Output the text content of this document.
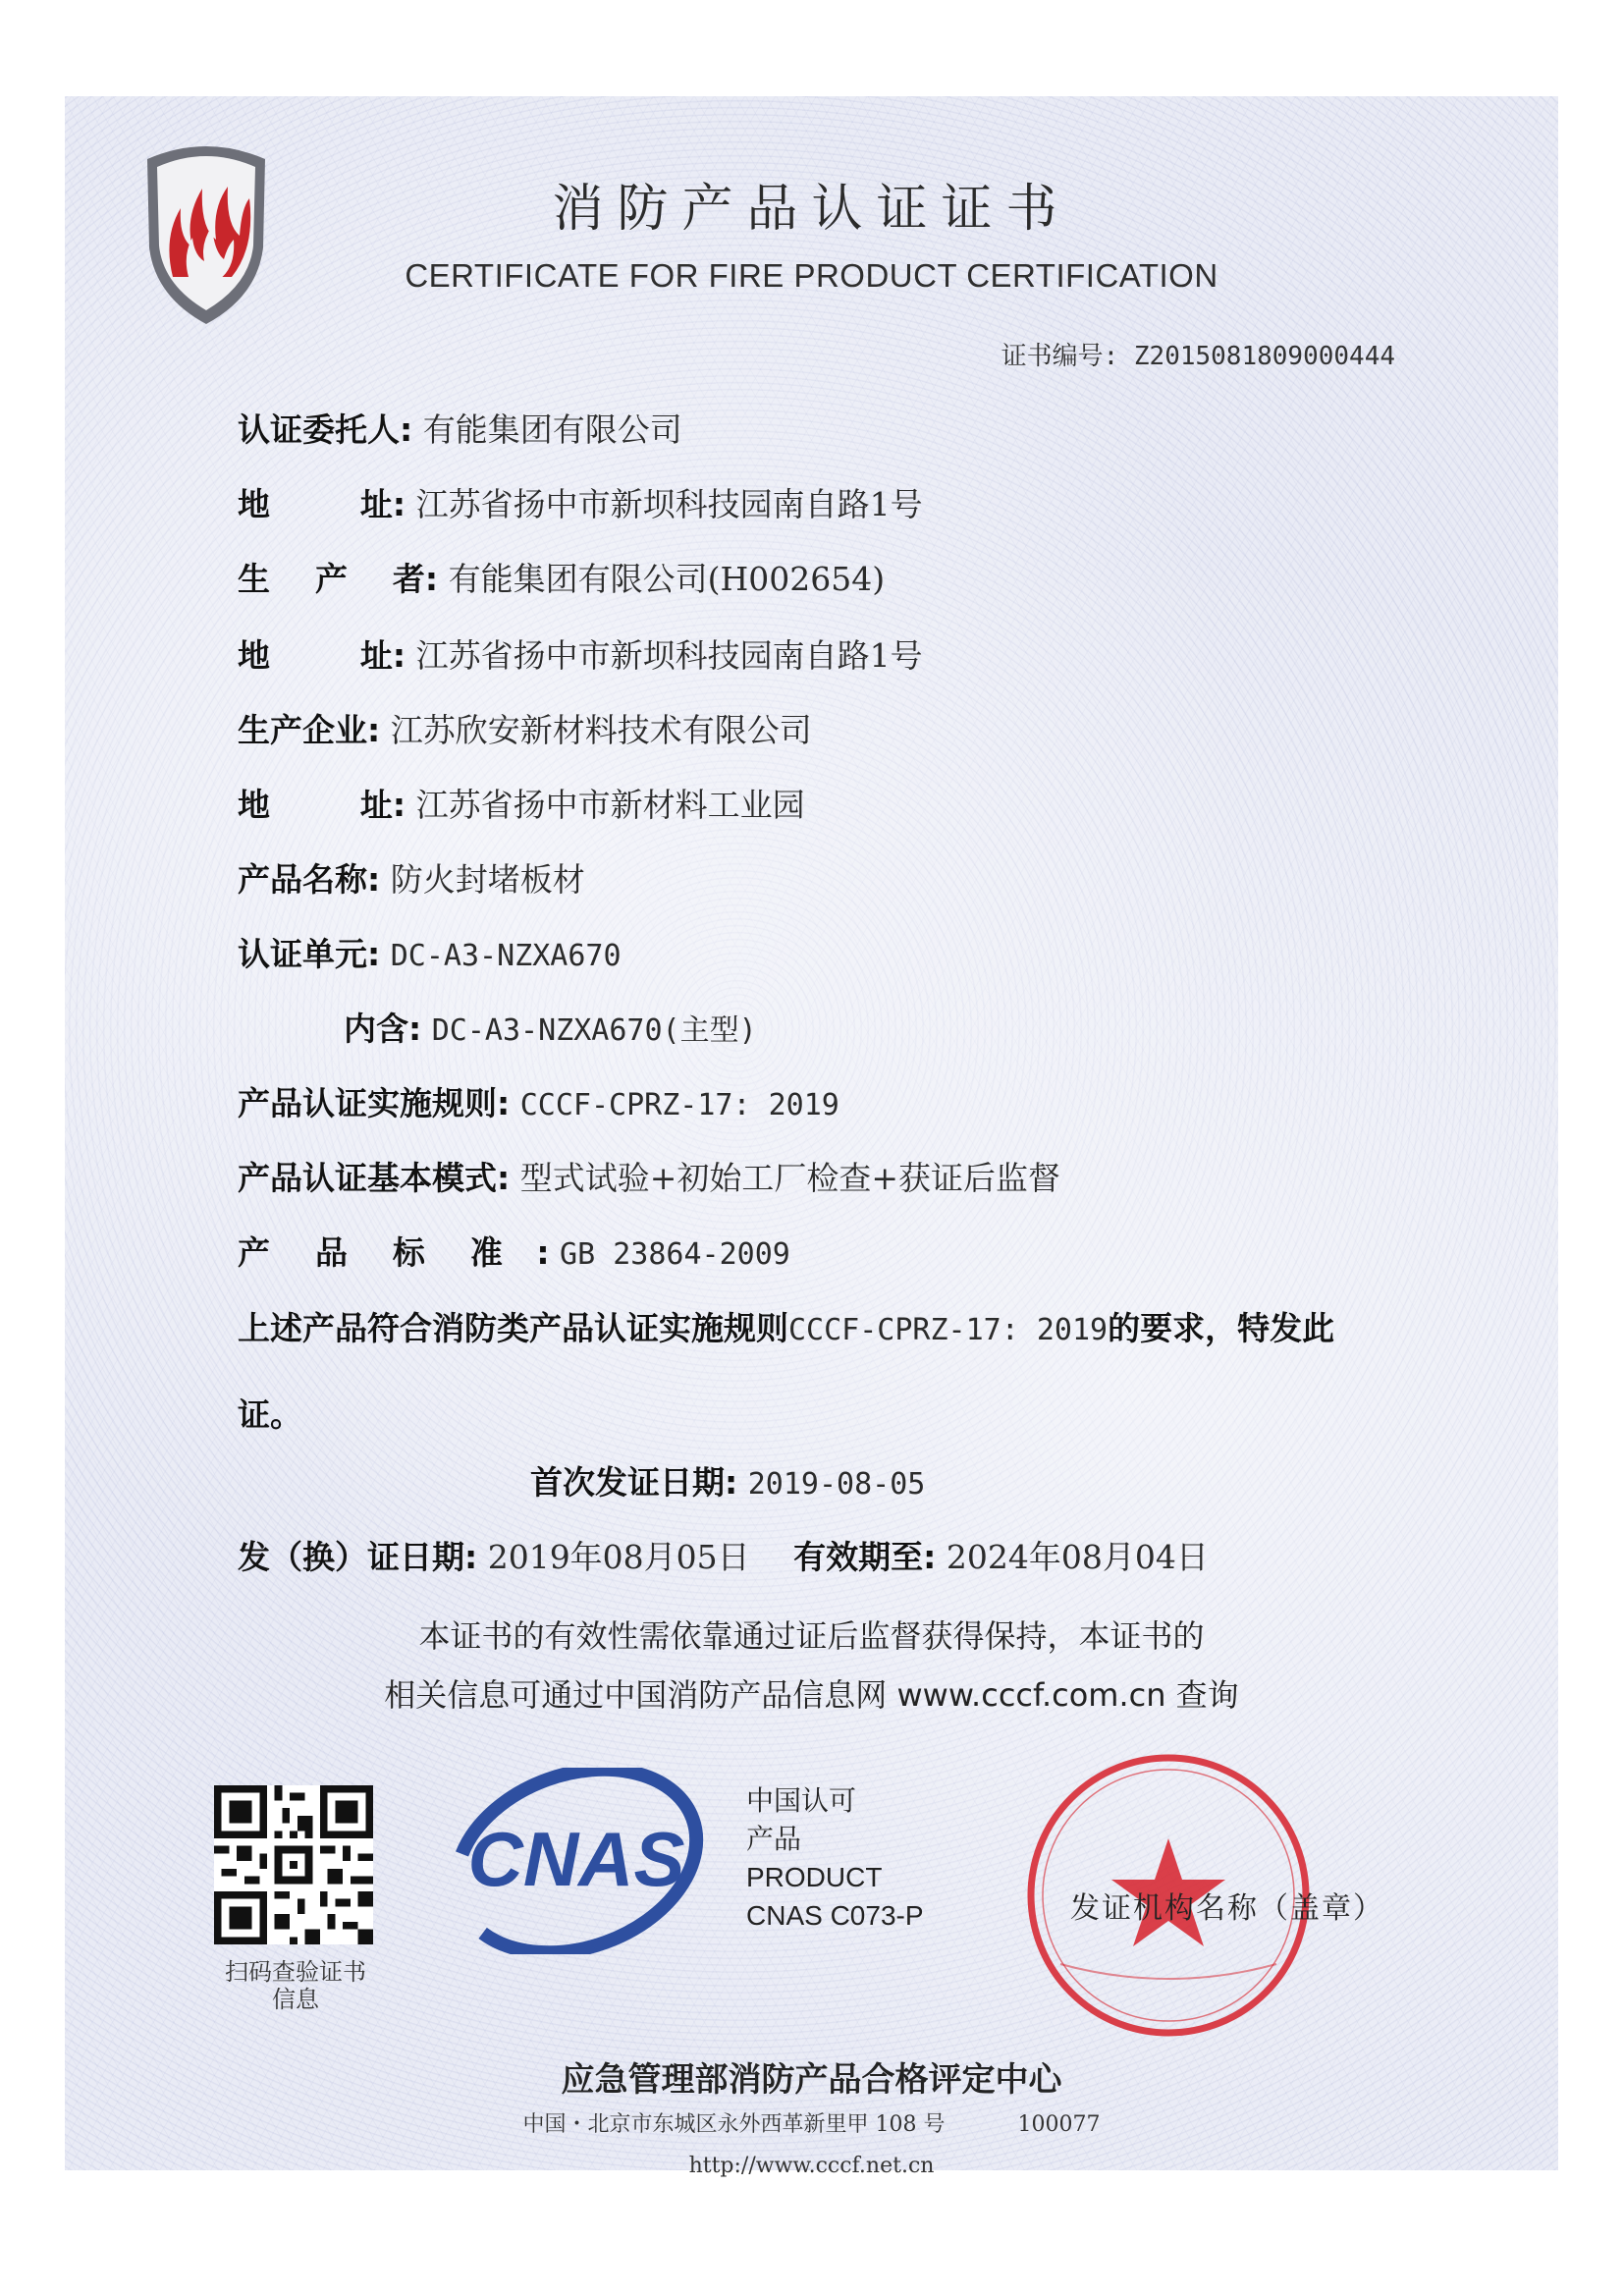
消防产品认证证书
CERTIFICATE FOR FIRE PRODUCT CERTIFICATION
证书编号: Z2015081809000444
认证委托人: 有能集团有限公司
地        址: 江苏省扬中市新坝科技园南自路1号
生    产    者: 有能集团有限公司(H002654)
地        址: 江苏省扬中市新坝科技园南自路1号
生产企业: 江苏欣安新材料技术有限公司
地        址: 江苏省扬中市新材料工业园
产品名称: 防火封堵板材
认证单元: DC-A3-NZXA670
内含: DC-A3-NZXA670(主型)
产品认证实施规则: CCCF-CPRZ-17: 2019
产品认证基本模式: 型式试验+初始工厂检查+获证后监督
产    品    标    准   : GB 23864-2009
上述产品符合消防类产品认证实施规则CCCF-CPRZ-17: 2019的要求，特发此证。
首次发证日期: 2019-08-05
发（换）证日期: 2019年08月05日 有效期至: 2024年08月04日
本证书的有效性需依靠通过证后监督获得保持，本证书的
相关信息可通过中国消防产品信息网 www.cccf.com.cn 查询
扫码查验证书信息
CNAS
中国认可
产品
PRODUCT
CNAS C073-P	发证机构名称（盖章）
应急管理部消防产品合格评定中心
中国・北京市东城区永外西革新里甲 108 号	100077
http://www.cccf.net.cn
